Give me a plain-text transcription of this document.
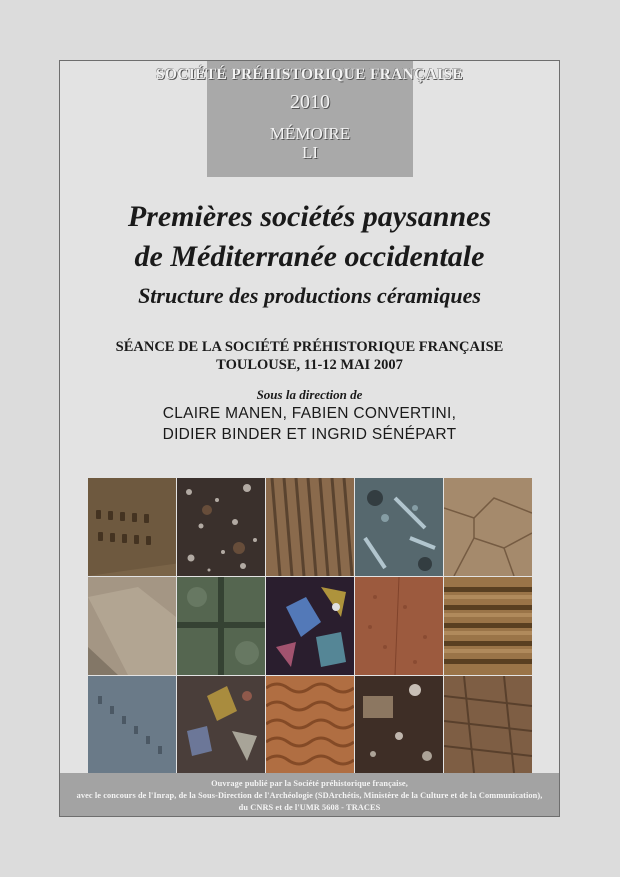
SOCIÉTÉ PRÉHISTORIQUE FRANÇAISE
2010
MÉMOIRE
LI
Premières sociétés paysannes
de Méditerranée occidentale
Structure des productions céramiques
SÉANCE DE LA SOCIÉTÉ PRÉHISTORIQUE FRANÇAISE
TOULOUSE, 11-12 MAI 2007
Sous la direction de
CLAIRE MANEN, FABIEN CONVERTINI,
DIDIER BINDER ET INGRID SÉNÉPART
Ouvrage publié par la Société préhistorique française,
avec le concours de l'Inrap, de la Sous-Direction de l'Archéologie (SDArchétis, Ministère de la Culture et de la Communication),
du CNRS et de l'UMR 5608 - TRACES
